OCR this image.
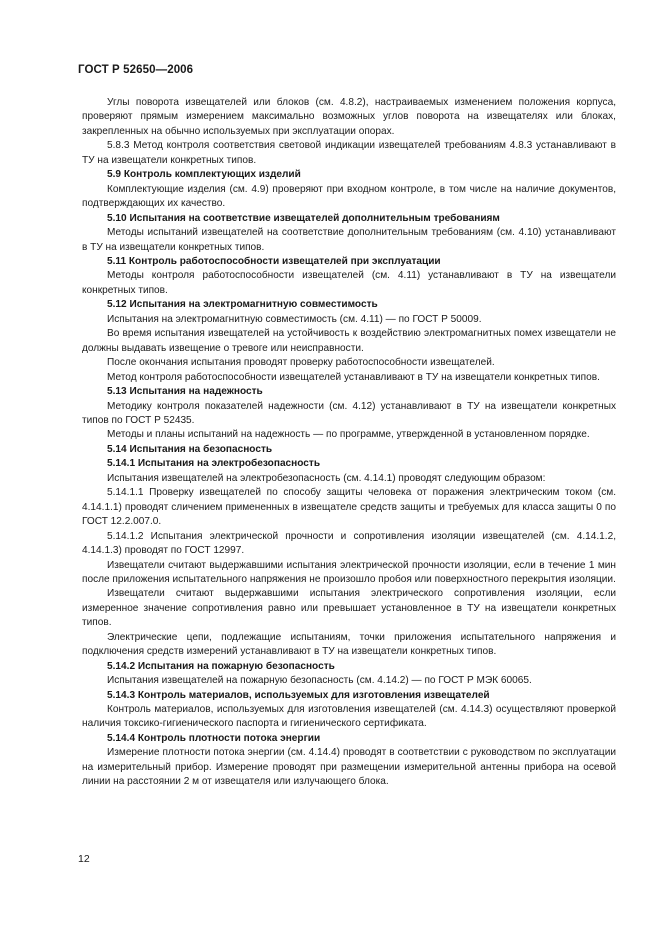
ГОСТ Р 52650—2006

Углы поворота извещателей или блоков (см. 4.8.2), настраиваемых изменением положения корпуса, проверяют прямым измерением максимально возможных углов поворота на извещателях или блоках, закрепленных на обычно используемых при эксплуатации опорах.

5.8.3 Метод контроля соответствия световой индикации извещателей требованиям 4.8.3 устанавливают в ТУ на извещатели конкретных типов.

5.9 Контроль комплектующих изделий

Комплектующие изделия (см. 4.9) проверяют при входном контроле, в том числе на наличие документов, подтверждающих их качество.

5.10 Испытания на соответствие извещателей дополнительным требованиям

Методы испытаний извещателей на соответствие дополнительным требованиям (см. 4.10) устанавливают в ТУ на извещатели конкретных типов.

5.11 Контроль работоспособности извещателей при эксплуатации

Методы контроля работоспособности извещателей (см. 4.11) устанавливают в ТУ на извещатели конкретных типов.

5.12 Испытания на электромагнитную совместимость

Испытания на электромагнитную совместимость (см. 4.11) — по ГОСТ Р 50009.

Во время испытания извещателей на устойчивость к воздействию электромагнитных помех извещатели не должны выдавать извещение о тревоге или неисправности.

После окончания испытания проводят проверку работоспособности извещателей.

Метод контроля работоспособности извещателей устанавливают в ТУ на извещатели конкретных типов.

5.13 Испытания на надежность

Методику контроля показателей надежности (см. 4.12) устанавливают в ТУ на извещатели конкретных типов по ГОСТ Р 52435.

Методы и планы испытаний на надежность — по программе, утвержденной в установленном порядке.

5.14 Испытания на безопасность

5.14.1 Испытания на электробезопасность

Испытания извещателей на электробезопасность (см. 4.14.1) проводят следующим образом:

5.14.1.1 Проверку извещателей по способу защиты человека от поражения электрическим током (см. 4.14.1.1) проводят сличением примененных в извещателе средств защиты и требуемых для класса защиты 0 по ГОСТ 12.2.007.0.

5.14.1.2 Испытания электрической прочности и сопротивления изоляции извещателей (см. 4.14.1.2, 4.14.1.3) проводят по ГОСТ 12997.

Извещатели считают выдержавшими испытания электрической прочности изоляции, если в течение 1 мин после приложения испытательного напряжения не произошло пробоя или поверхностного перекрытия изоляции.

Извещатели считают выдержавшими испытания электрического сопротивления изоляции, если измеренное значение сопротивления равно или превышает установленное в ТУ на извещатели конкретных типов.

Электрические цепи, подлежащие испытаниям, точки приложения испытательного напряжения и подключения средств измерений устанавливают в ТУ на извещатели конкретных типов.

5.14.2 Испытания на пожарную безопасность

Испытания извещателей на пожарную безопасность (см. 4.14.2) — по ГОСТ Р МЭК 60065.

5.14.3 Контроль материалов, используемых для изготовления извещателей

Контроль материалов, используемых для изготовления извещателей (см. 4.14.3) осуществляют проверкой наличия токсико-гигиенического паспорта и гигиенического сертификата.

5.14.4 Контроль плотности потока энергии

Измерение плотности потока энергии (см. 4.14.4) проводят в соответствии с руководством по эксплуатации на измерительный прибор. Измерение проводят при размещении измерительной антенны прибора на осевой линии на расстоянии 2 м от извещателя или излучающего блока.

12
